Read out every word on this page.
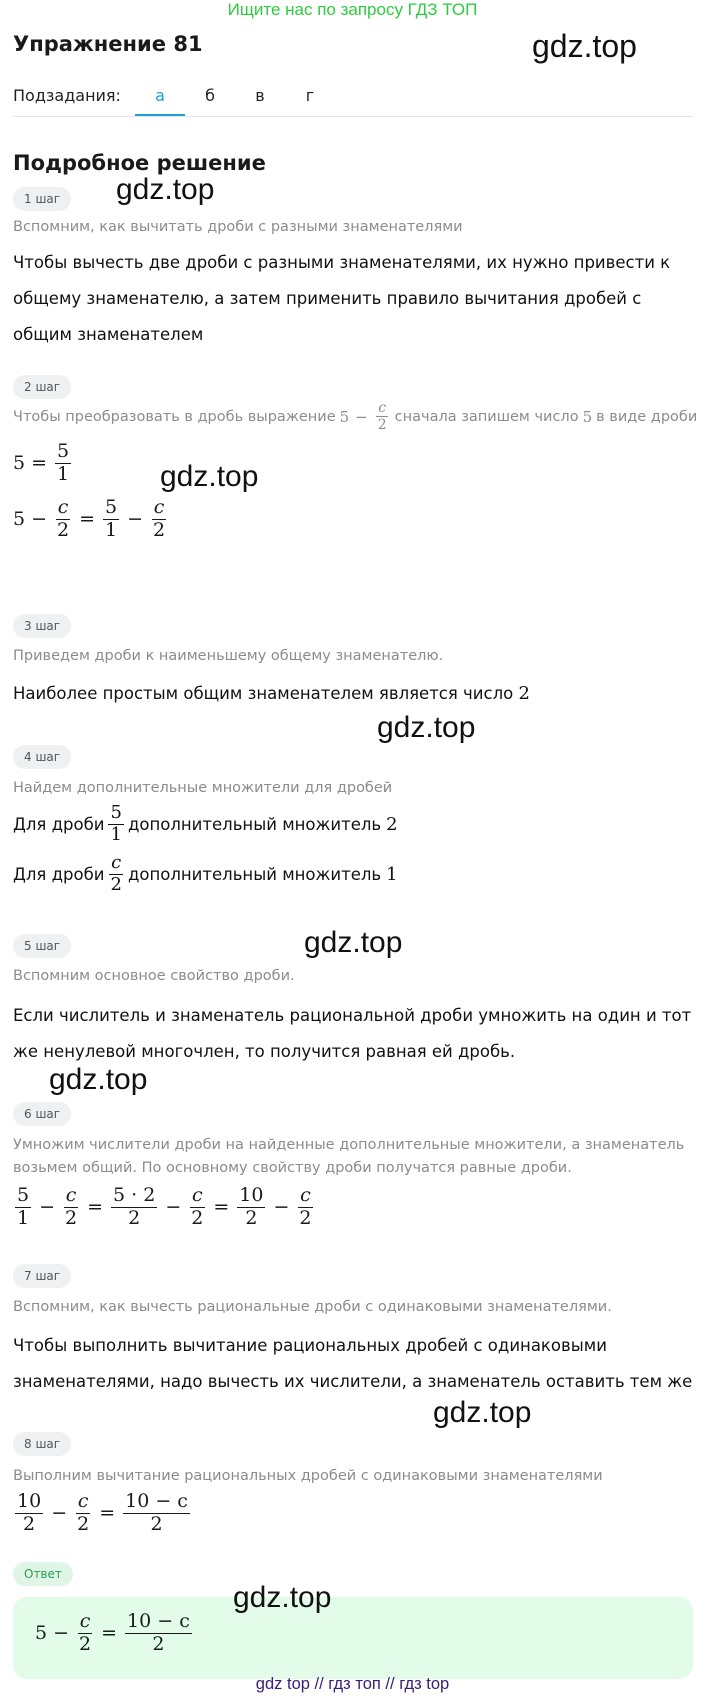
Ищите нас по запросу ГДЗ ТОП
Упражнение 81	gdz.top
Подзадания:	а	б	в	г
Подробное решение
1 шаг	gdz.top
Вспомним, как вычитать дроби с разными знаменателями
Чтобы вычесть две дроби с разными знаменателями, их нужно привести к общему знаменателю, а затем применить правило вычитания дробей с общим знаменателем
2 шаг
Чтобы преобразовать в дробь выражение $5 - \frac{c}{2}$ сначала запишем число 5 в виде дроби
$5 = \frac{5}{1}$	gdz.top
$5 - \frac{c}{2} = \frac{5}{1} - \frac{c}{2}$
3 шаг
Приведем дроби к наименьшему общему знаменателю.
Наиболее простым общим знаменателем является число 2
gdz.top
4 шаг
Найдем дополнительные множители для дробей
Для дроби $\frac{5}{1}$ дополнительный множитель 2
Для дроби $\frac{c}{2}$ дополнительный множитель 1
5 шаг	gdz.top
Вспомним основное свойство дроби.
Если числитель и знаменатель рациональной дроби умножить на один и тот же ненулевой многочлен, то получится равная ей дробь.
gdz.top
6 шаг
Умножим числители дроби на найденные дополнительные множители, а знаменатель возьмем общий. По основному свойству дроби получатся равные дроби.
$\frac{5}{1} - \frac{c}{2} = \frac{5 \cdot 2}{2} - \frac{c}{2} = \frac{10}{2} - \frac{c}{2}$
7 шаг
Вспомним, как вычесть рациональные дроби с одинаковыми знаменателями.
Чтобы выполнить вычитание рациональных дробей с одинаковыми знаменателями, надо вычесть их числители, а знаменатель оставить тем же
gdz.top
8 шаг
Выполним вычитание рациональных дробей с одинаковыми знаменателями
$\frac{10}{2} - \frac{c}{2} = \frac{10 - c}{2}$
Ответ
gdz.top
$5 - \frac{c}{2} = \frac{10 - c}{2}$
gdz top // гдз топ // гдз top
